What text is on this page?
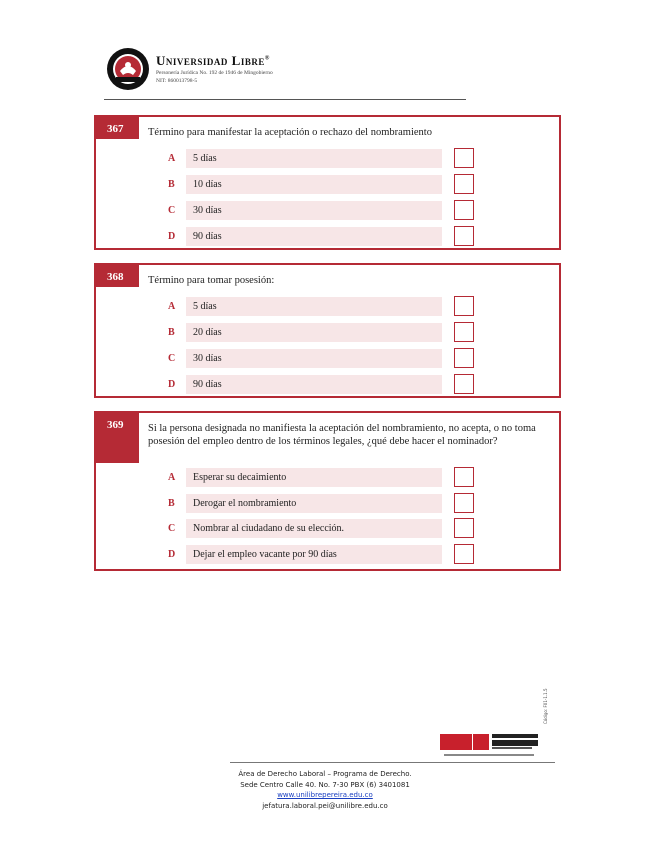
Universidad Libre®
Personería Jurídica No. 192 de 1946 de Mingobierno
NIT: 860013798-5
367	Término para manifestar la aceptación o rechazo del nombramiento
A 5 días
B	10 días
C 30 días
D 90 días
368	Término para tomar posesión:
A 5 días
B	20 días
C 30 días
D 90 días
369	Si la persona designada no manifiesta la aceptación del nombramiento, no acepta, o no toma posesión del empleo dentro de los términos legales, ¿qué debe hacer el nominador?
A Esperar su decaimiento
B	Derogar el nombramiento
C Nombrar al ciudadano de su elección.
D Dejar el empleo vacante por 90 días
Código: F01-1.1.5
Área de Derecho Laboral – Programa de Derecho.
Sede Centro Calle 40. No. 7-30 PBX (6) 3401081
www.unilibrepereira.edu.co
jefatura.laboral.pei@unilibre.edu.co
